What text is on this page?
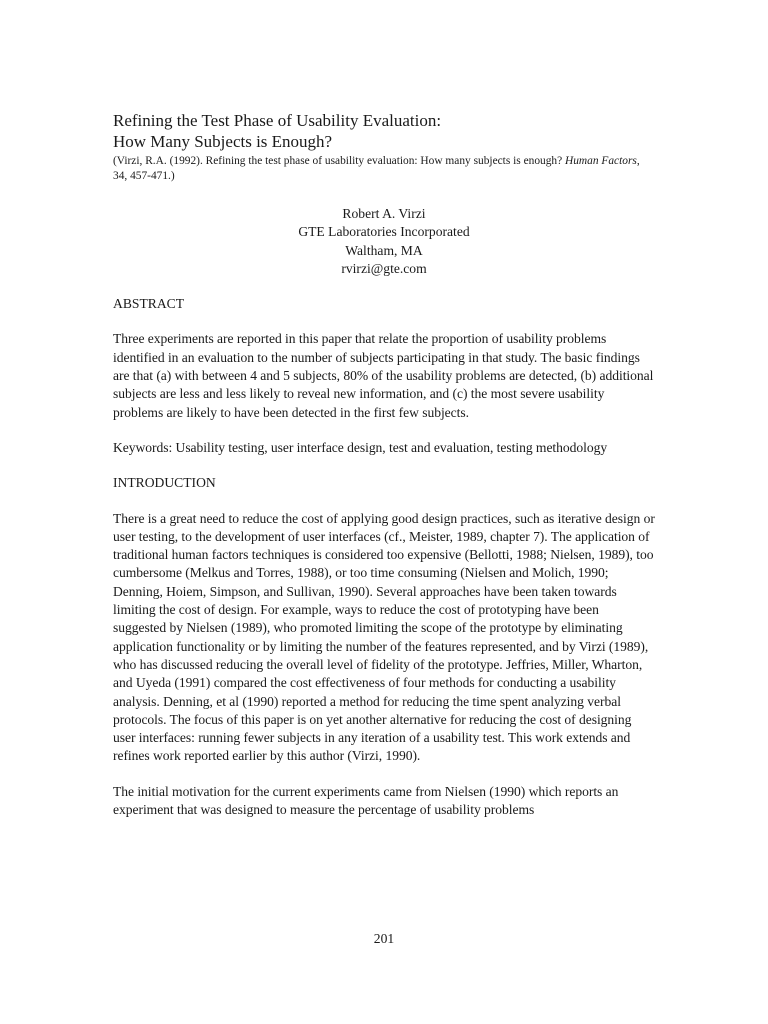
Refining the Test Phase of Usability Evaluation:
How Many Subjects is Enough?

(Virzi, R.A. (1992). Refining the test phase of usability evaluation: How many subjects is enough? Human Factors, 34, 457-471.)

Robert A. Virzi
GTE Laboratories Incorporated
Waltham, MA
rvirzi@gte.com
ABSTRACT

Three experiments are reported in this paper that relate the proportion of usability problems identified in an evaluation to the number of subjects participating in that study. The basic findings are that (a) with between 4 and 5 subjects, 80% of the usability problems are detected, (b) additional subjects are less and less likely to reveal new information, and (c) the most severe usability problems are likely to have been detected in the first few subjects.

Keywords: Usability testing, user interface design, test and evaluation, testing methodology

INTRODUCTION

There is a great need to reduce the cost of applying good design practices, such as iterative design or user testing, to the development of user interfaces (cf., Meister, 1989, chapter 7). The application of traditional human factors techniques is considered too expensive (Bellotti, 1988; Nielsen, 1989), too cumbersome (Melkus and Torres, 1988), or too time consuming (Nielsen and Molich, 1990; Denning, Hoiem, Simpson, and Sullivan, 1990). Several approaches have been taken towards limiting the cost of design. For example, ways to reduce the cost of prototyping have been suggested by Nielsen (1989), who promoted limiting the scope of the prototype by eliminating application functionality or by limiting the number of the features represented, and by Virzi (1989), who has discussed reducing the overall level of fidelity of the prototype. Jeffries, Miller, Wharton, and Uyeda (1991) compared the cost effectiveness of four methods for conducting a usability analysis. Denning, et al (1990) reported a method for reducing the time spent analyzing verbal protocols. The focus of this paper is on yet another alternative for reducing the cost of designing user interfaces: running fewer subjects in any iteration of a usability test. This work extends and refines work reported earlier by this author (Virzi, 1990).

The initial motivation for the current experiments came from Nielsen (1990) which reports an experiment that was designed to measure the percentage of usability problems

201
